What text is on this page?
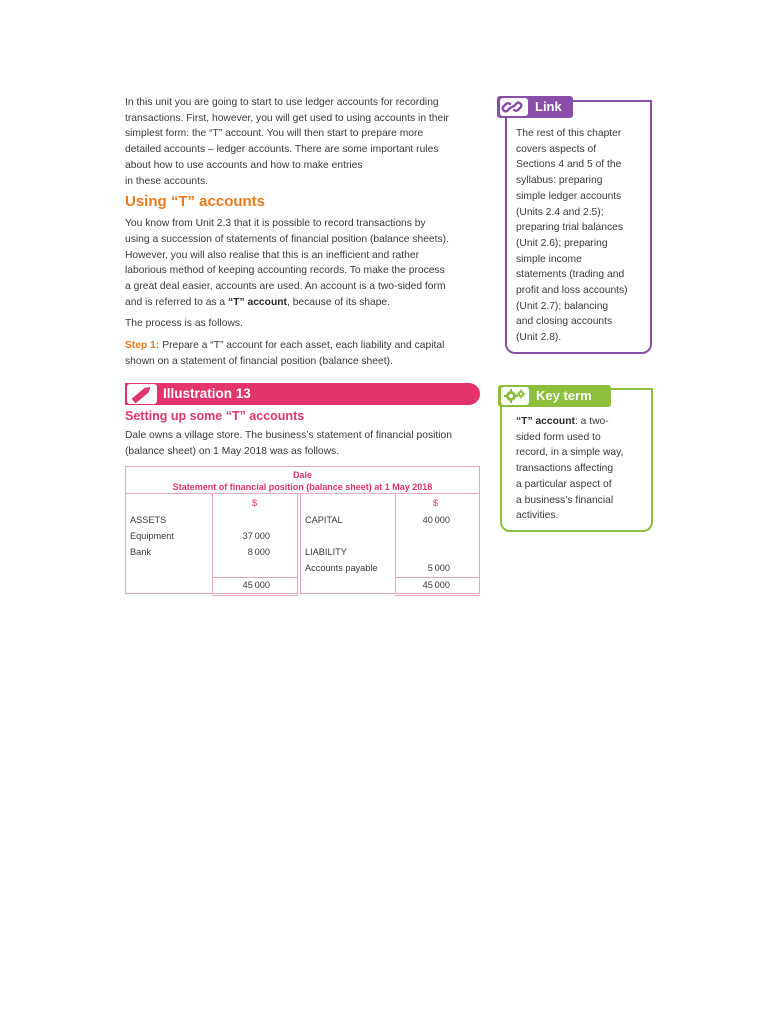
In this unit you are going to start to use ledger accounts for recording

transactions. First, however, you will get used to using accounts in their

simplest form: the “T” account. You will then start to prepare more

detailed accounts – ledger accounts. There are some important rules

about how to use accounts and how to make entries

in these accounts.

Using “T” accounts

You know from Unit 2.3 that it is possible to record transactions by

using a succession of statements of financial position (balance sheets).

However, you will also realise that this is an inefficient and rather

laborious method of keeping accounting records. To make the process

a great deal easier, accounts are used. An account is a two-sided form

and is referred to as a “T” account, because of its shape.

The process is as follows.

Step 1: Prepare a “T” account for each asset, each liability and capital

shown on a statement of financial position (balance sheet).

Illustration 13
Setting up some “T” accounts

Dale owns a village store. The business’s statement of financial position

(balance sheet) on 1 May 2018 was as follows.

Dale
Statement of financial position (balance sheet) at 1 May 2018
$	$
ASSETS
Equipment	37 000
Bank	8 000
45 000
CAPITAL	40 000
LIABILITY
Accounts payable	5 000
45 000
Link

The rest of this chapter

covers aspects of

Sections 4 and 5 of the

syllabus: preparing

simple ledger accounts

(Units 2.4 and 2.5);

preparing trial balances

(Unit 2.6); preparing

simple income

statements (trading and

profit and loss accounts)

(Unit 2.7); balancing

and closing accounts

(Unit 2.8).

Key term

“T” account: a two-

sided form used to

record, in a simple way,

transactions affecting

a particular aspect of

a business’s financial

activities.
